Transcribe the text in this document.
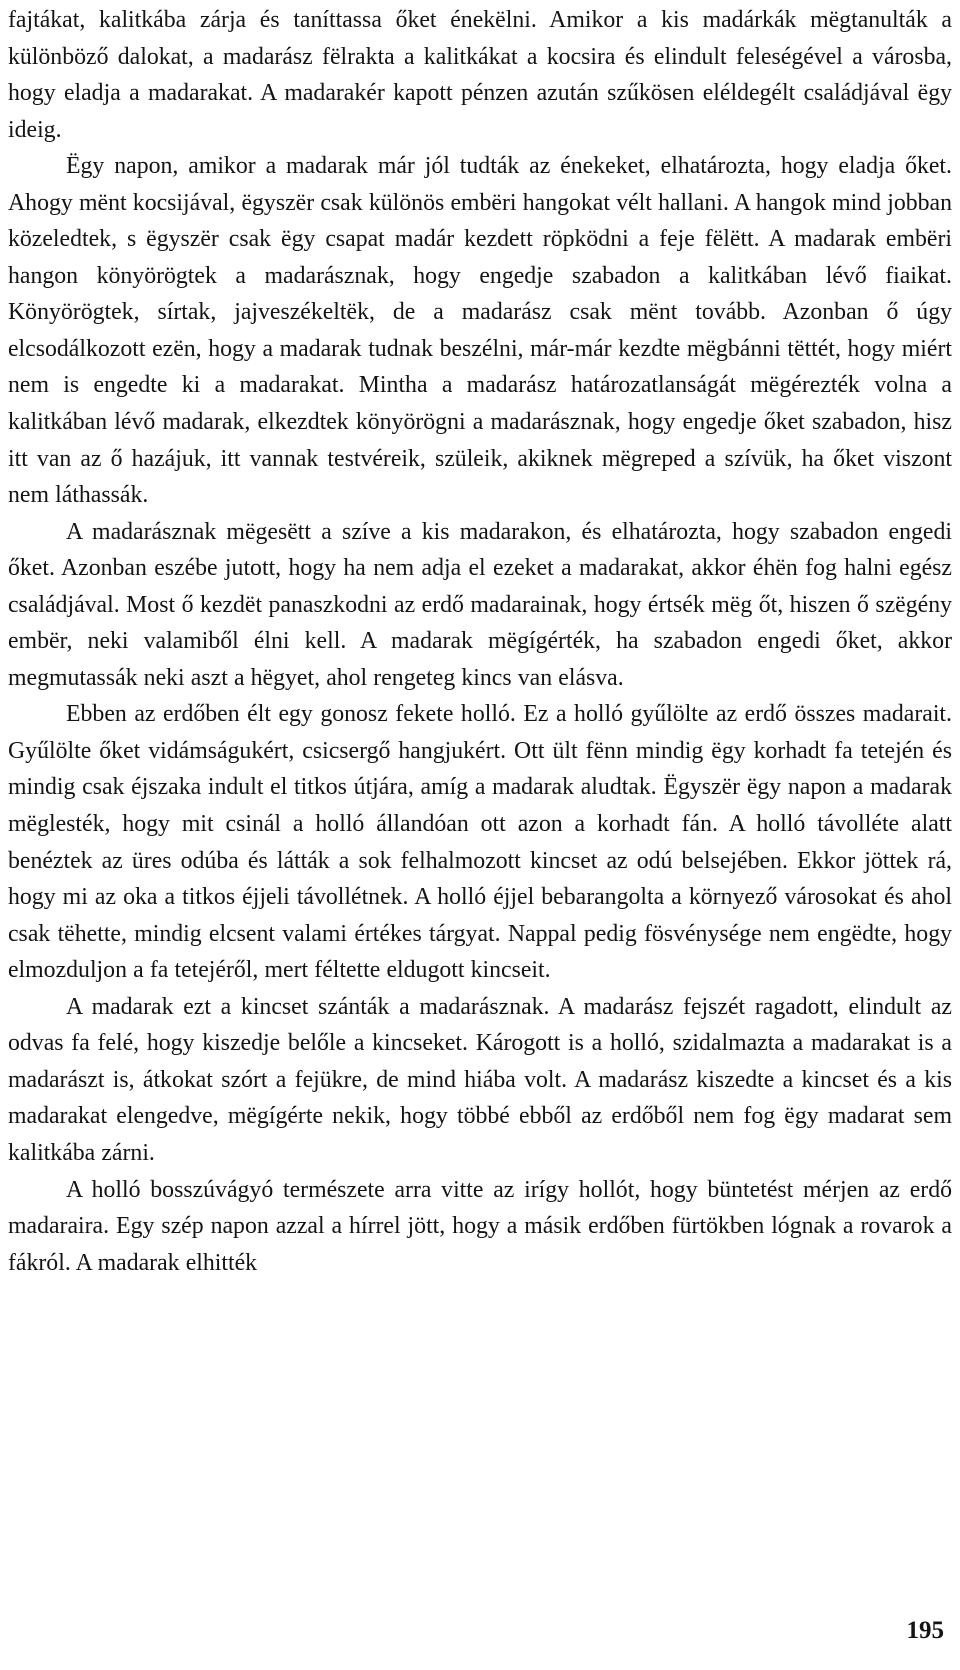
fajtákat, kalitkába zárja és taníttassa őket énekëlni. Amikor a kis madárkák mëgtanulták a különböző dalokat, a madarász fëlrakta a kalitkákat a kocsira és elindult feleségével a városba, hogy eladja a madarakat. A madarakér kapott pénzen azután szűkösen eléldegélt családjával ëgy ideig.

Ëgy napon, amikor a madarak már jól tudták az énekeket, elhatározta, hogy eladja őket. Ahogy mënt kocsijával, ëgyszër csak különös embëri hangokat vélt hallani. A hangok mind jobban közeledtek, s ëgyszër csak ëgy csapat madár kezdett röpködni a feje fëlëtt. A madarak embëri hangon könyörögtek a madarásznak, hogy engedje szabadon a kalitkában lévő fiaikat. Könyörögtek, sírtak, jajveszékeltëk, de a madarász csak mënt tovább. Azonban ő úgy elcsodálkozott ezën, hogy a madarak tudnak beszélni, már-már kezdte mëgbánni tëttét, hogy miért nem is engedte ki a madarakat. Mintha a madarász határozatlanságát mëgérezték volna a kalitkában lévő madarak, elkezdtek könyörögni a madarásznak, hogy engedje őket szabadon, hisz itt van az ő hazájuk, itt vannak testvéreik, szüleik, akiknek mëgreped a szívük, ha őket viszont nem láthassák.

A madarásznak mëgesëtt a szíve a kis madarakon, és elhatározta, hogy szabadon engedi őket. Azonban eszébe jutott, hogy ha nem adja el ezeket a madarakat, akkor éhën fog halni egész családjával. Most ő kezdët panaszkodni az erdő madarainak, hogy értsék mëg őt, hiszen ő szëgény embër, neki valamiből élni kell. A madarak mëgígérték, ha szabadon engedi őket, akkor megmutassák neki aszt a hëgyet, ahol rengeteg kincs van elásva.

Ebben az erdőben élt egy gonosz fekete holló. Ez a holló gyűlölte az erdő összes madarait. Gyűlölte őket vidámságukért, csicsergő hangjukért. Ott ült fënn mindig ëgy korhadt fa tetején és mindig csak éjszaka indult el titkos útjára, amíg a madarak aludtak. Ëgyszër ëgy napon a madarak mëglesték, hogy mit csinál a holló állandóan ott azon a korhadt fán. A holló távolléte alatt benéztek az üres odúba és látták a sok felhalmozott kincset az odú belsejében. Ekkor jöttek rá, hogy mi az oka a titkos éjjeli távollétnek. A holló éjjel bebarangolta a környező városokat és ahol csak tëhette, mindig elcsent valami értékes tárgyat. Nappal pedig fösvénysége nem engëdte, hogy elmozduljon a fa tetejéről, mert féltette eldugott kincseit.

A madarak ezt a kincset szánták a madarásznak. A madarász fejszét ragadott, elindult az odvas fa felé, hogy kiszedje belőle a kincseket. Károgott is a holló, szidalmazta a madarakat is a madarászt is, átkokat szórt a fejükre, de mind hiába volt. A madarász kiszedte a kincset és a kis madarakat elengedve, mëgígérte nekik, hogy többé ebből az erdőből nem fog ëgy madarat sem kalitkába zárni.

A holló bosszúvágyó természete arra vitte az irígy hollót, hogy büntetést mérjen az erdő madaraira. Egy szép napon azzal a hírrel jött, hogy a másik erdőben fürtökben lógnak a rovarok a fákról. A madarak elhitték

195
